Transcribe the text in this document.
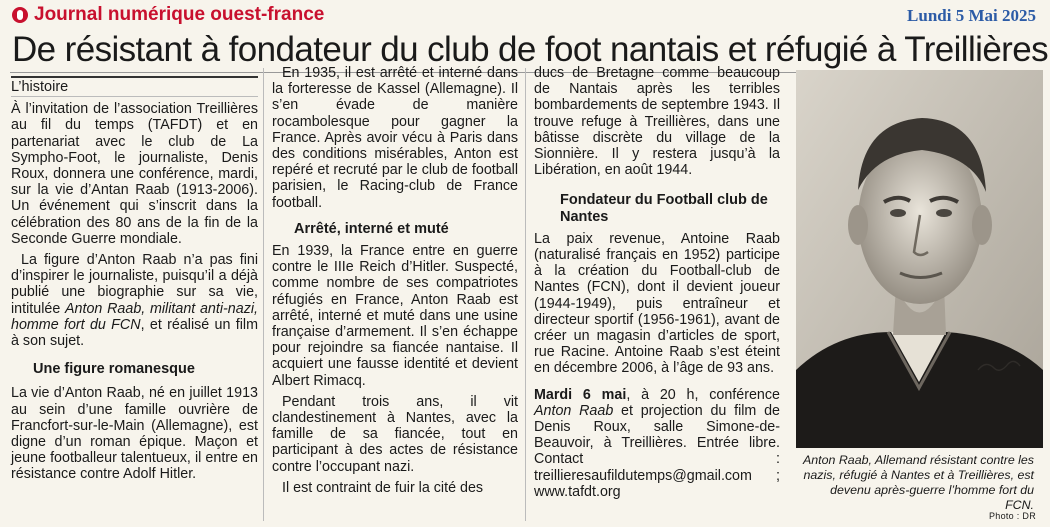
Journal numérique ouest-france	Lundi 5 Mai 2025
De résistant à fondateur du club de foot nantais et réfugié à Treillières
L’histoire

À l’invitation de l’association Treillières au fil du temps (TAFDT) et en partenariat avec le club de La Sympho-Foot, le journaliste, Denis Roux, donnera une conférence, mardi, sur la vie d’Antan Raab (1913-2006). Un événement qui s’inscrit dans la célébration des 80 ans de la fin de la Seconde Guerre mondiale.

La figure d’Anton Raab n’a pas fini d’inspirer le journaliste, puisqu’il a déjà publié une biographie sur sa vie, intitulée Anton Raab, militant anti-nazi, homme fort du FCN, et réalisé un film à son sujet.

Une figure romanesque

La vie d’Anton Raab, né en juillet 1913 au sein d’une famille ouvrière de Francfort-sur-le-Main (Allemagne), est digne d’un roman épique. Maçon et jeune footballeur talentueux, il entre en résistance contre Adolf Hitler.

En 1935, il est arrêté et interné dans la forteresse de Kassel (Allemagne). Il s’en évade de manière rocambolesque pour gagner la France. Après avoir vécu à Paris dans des conditions misérables, Anton est repéré et recruté par le club de football parisien, le Racing-club de France football.

Arrêté, interné et muté

En 1939, la France entre en guerre contre le IIIe Reich d’Hitler. Suspecté, comme nombre de ses compatriotes réfugiés en France, Anton Raab est arrêté, interné et muté dans une usine française d’armement. Il s’en échappe pour rejoindre sa fiancée nantaise. Il acquiert une fausse identité et devient Albert Rimacq.

Pendant trois ans, il vit clandestinement à Nantes, avec la famille de sa fiancée, tout en participant à des actes de résistance contre l’occupant nazi.

Il est contraint de fuir la cité des

ducs de Bretagne comme beaucoup de Nantais après les terribles bombardements de septembre 1943. Il trouve refuge à Treillières, dans une bâtisse discrète du village de la Sionnière. Il y restera jusqu’à la Libération, en août 1944.

Fondateur du Football club de Nantes

La paix revenue, Antoine Raab (naturalisé français en 1952) participe à la création du Football-club de Nantes (FCN), dont il devient joueur (1944-1949), puis entraîneur et directeur sportif (1956-1961), avant de créer un magasin d’articles de sport, rue Racine. Antoine Raab s’est éteint en décembre 2006, à l’âge de 93 ans.

Mardi 6 mai, à 20 h, conférence Anton Raab et projection du film de Denis Roux, salle Simone-de-Beauvoir, à Treillières. Entrée libre. Contact : treillieresaufildutemps@gmail.com ; www.tafdt.org

Anton Raab, Allemand résistant contre les nazis, réfugié à Nantes et à Treillières, est devenu après-guerre l’homme fort du FCN.
Photo : DR
